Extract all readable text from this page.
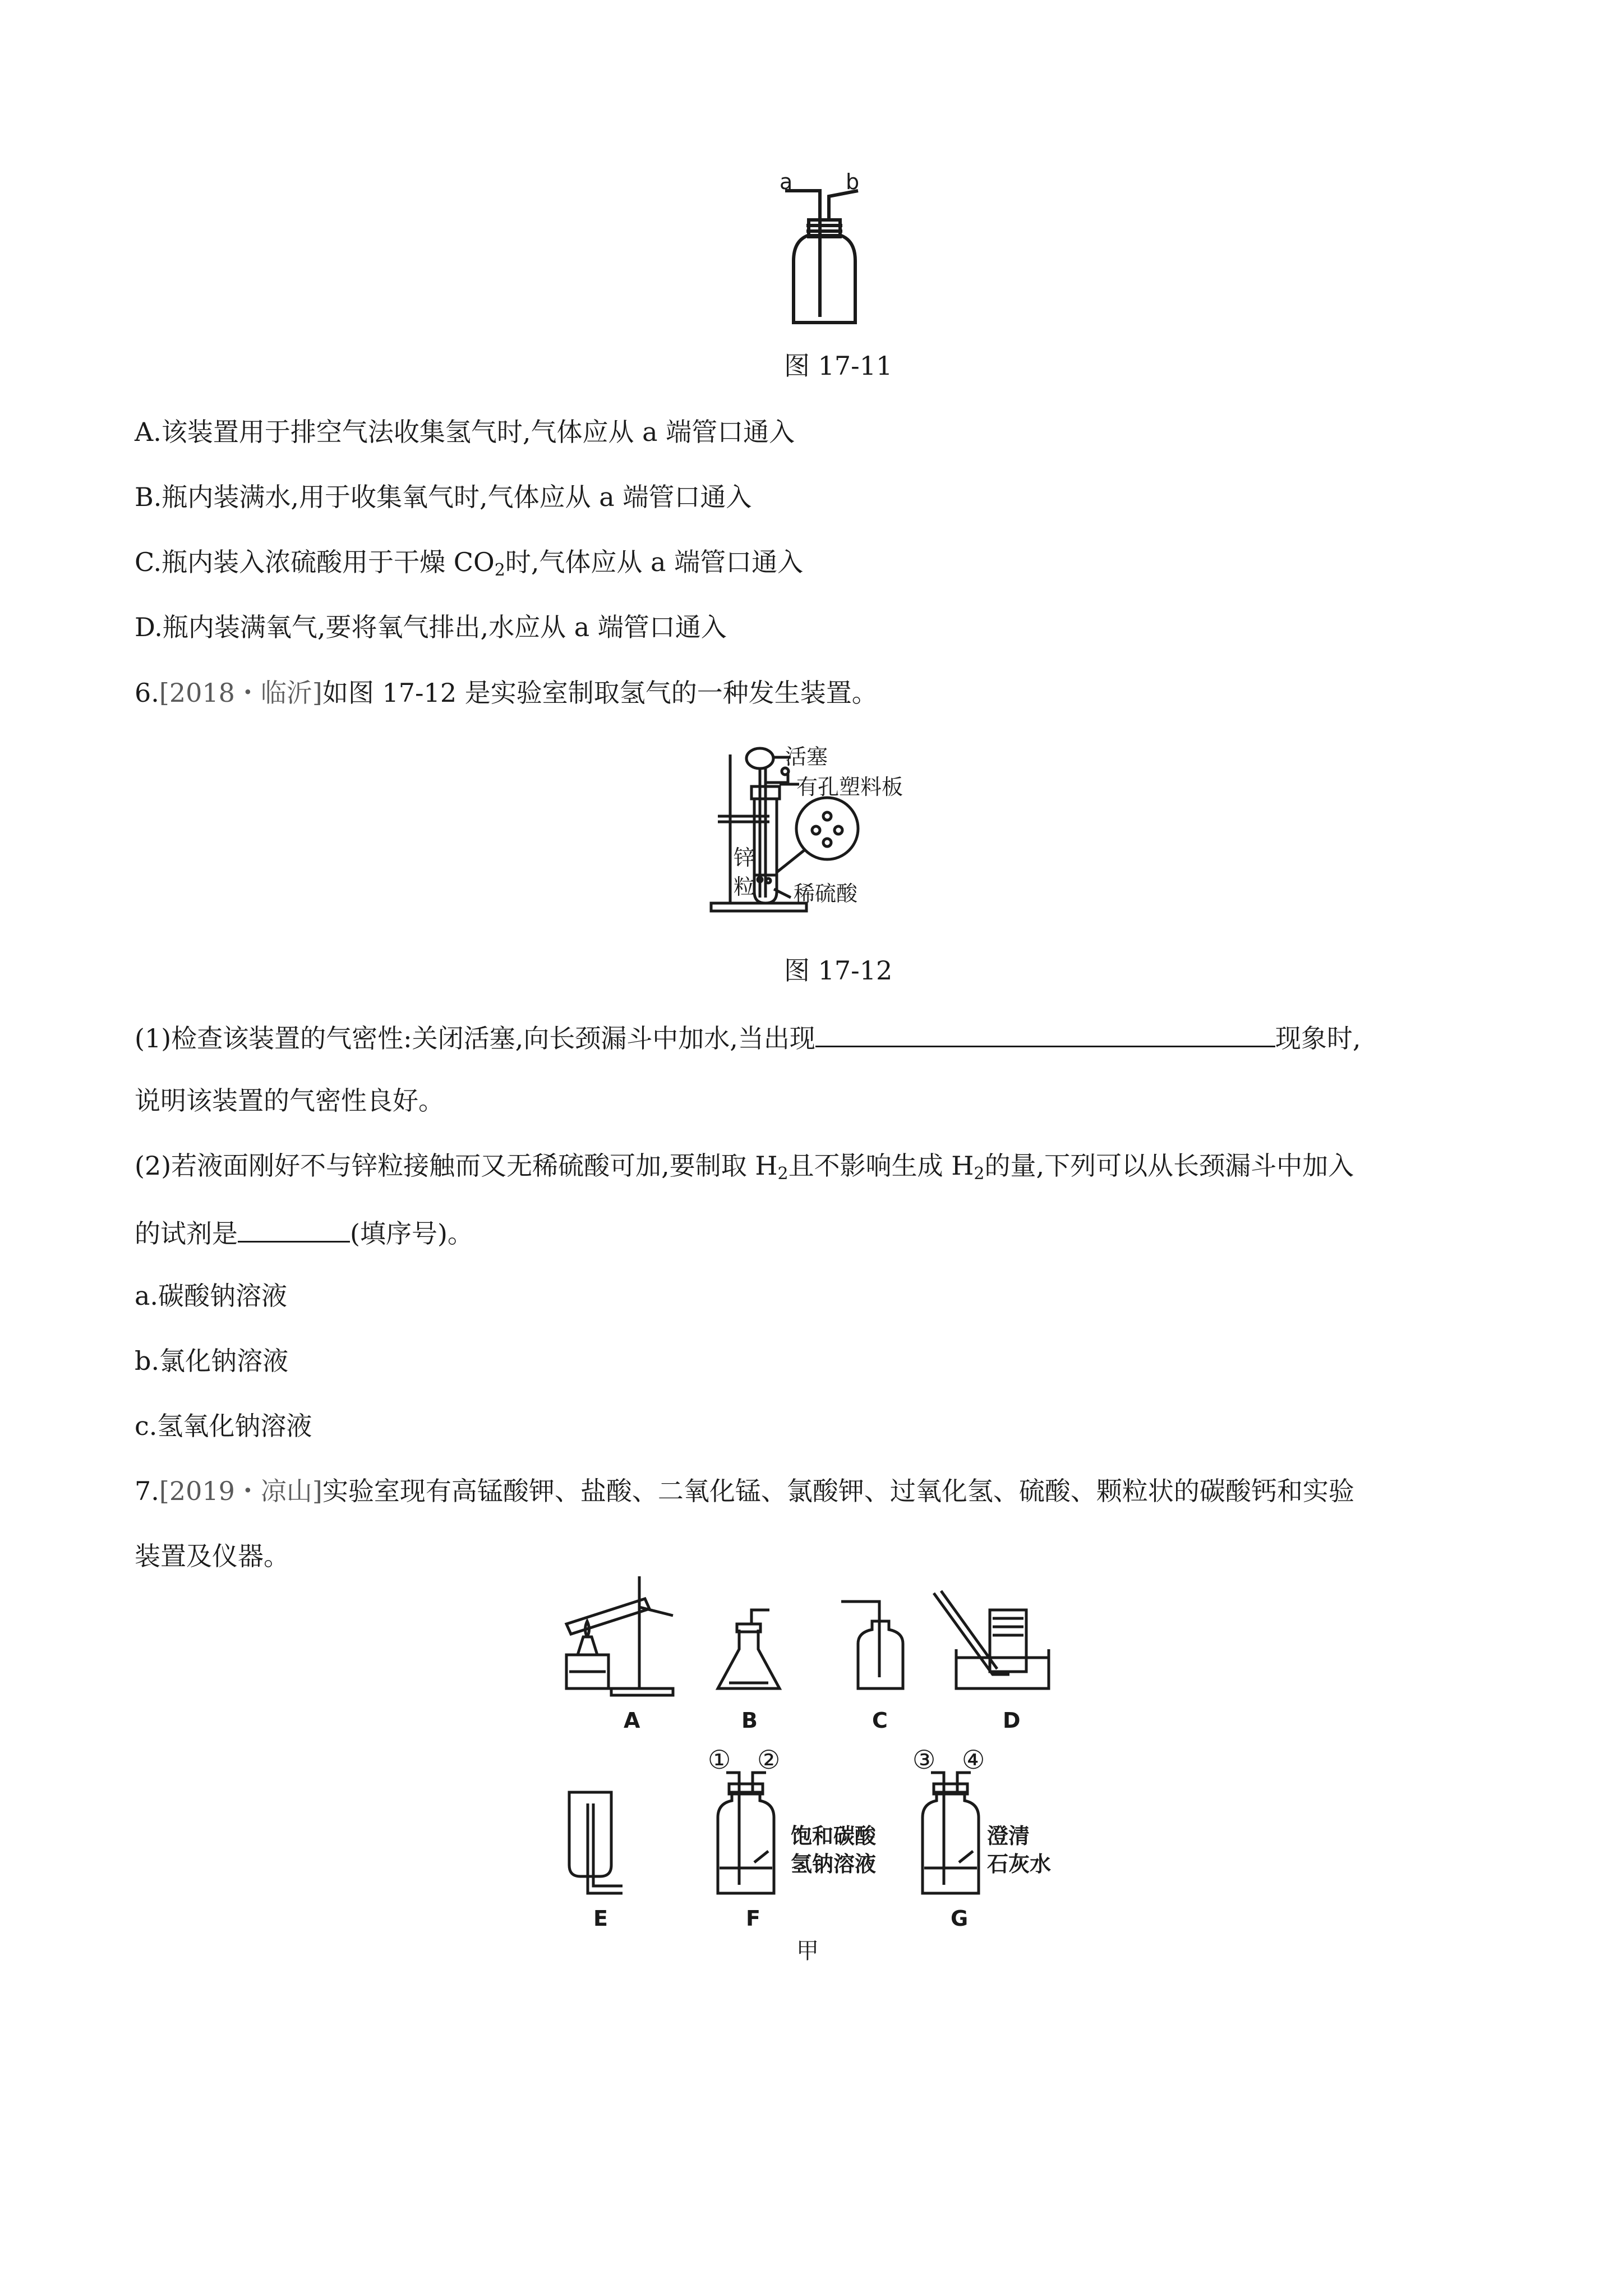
a b
图 17-11
A.该装置用于排空气法收集氢气时,气体应从 a 端管口通入
B.瓶内装满水,用于收集氧气时,气体应从 a 端管口通入
C.瓶内装入浓硫酸用于干燥 $CO_2$时,气体应从 a 端管口通入
D.瓶内装满氧气,要将氧气排出,水应从 a 端管口通入
6.[2018・临沂]如图 17-12 是实验室制取氢气的一种发生装置。
活塞
有孔塑料板
锌
粒 稀硫酸
图 17-12
(1)检查该装置的气密性:关闭活塞,向长颈漏斗中加水,当出现	现象时,
说明该装置的气密性良好。
(2)若液面刚好不与锌粒接触而又无稀硫酸可加,要制取 $H_2$且不影响生成 $H_2$的量,下列可以从长颈漏斗中加入
的试剂是	(填序号)。
a.碳酸钠溶液
b.氯化钠溶液
c.氢氧化钠溶液
7.[2019・凉山]实验室现有高锰酸钾、盐酸、二氧化锰、氯酸钾、过氧化氢、硫酸、颗粒状的碳酸钙和实验
装置及仪器。
A	B	C	D
E	F	G
① ②	③ ④
饱和碳酸
氢钠溶液
澄清
石灰水
甲
